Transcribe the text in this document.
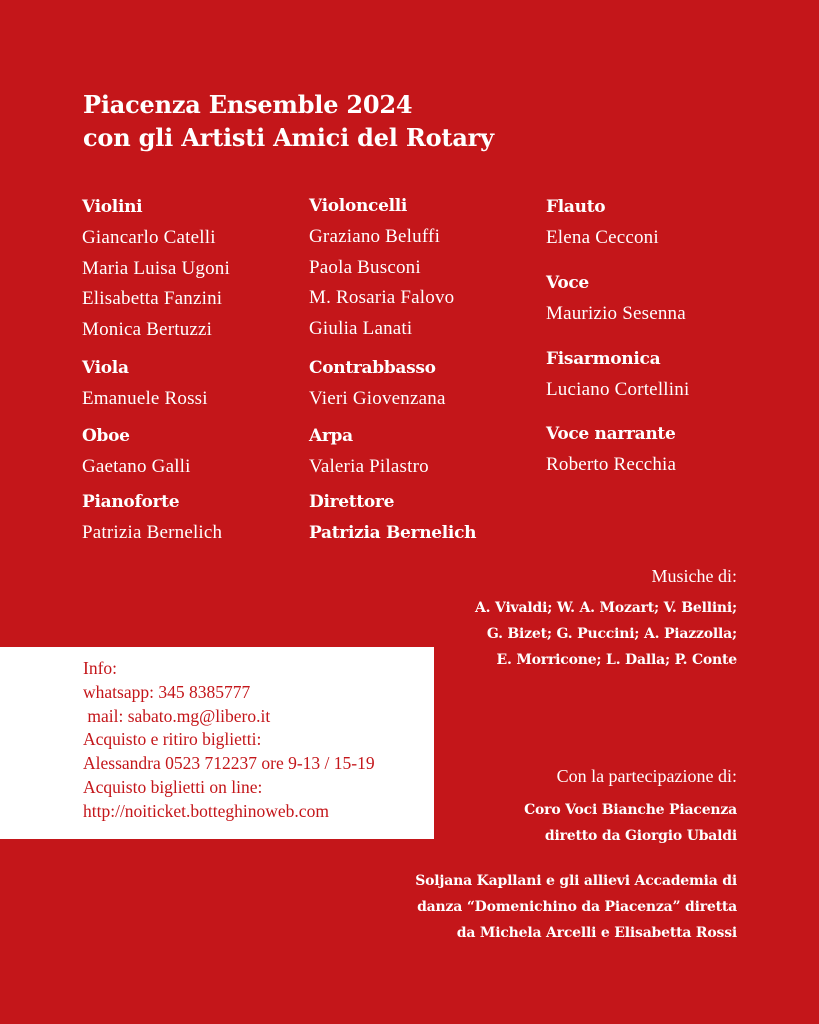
Piacenza Ensemble 2024
con gli Artisti Amici del Rotary
Violini
Giancarlo Catelli
Maria Luisa Ugoni
Elisabetta Fanzini
Monica Bertuzzi
Viola
Emanuele Rossi
Oboe
Gaetano Galli
Pianoforte
Patrizia Bernelich
Violoncelli
Graziano Beluffi
Paola Busconi
M. Rosaria Falovo
Giulia Lanati
Contrabbasso
Vieri Giovenzana
Arpa
Valeria Pilastro
Direttore
Patrizia Bernelich
Flauto
Elena Cecconi
Voce
Maurizio Sesenna
Fisarmonica
Luciano Cortellini
Voce narrante
Roberto Recchia
Musiche di:
A. Vivaldi; W. A. Mozart; V. Bellini;
G. Bizet; G. Puccini; A. Piazzolla;
E. Morricone; L. Dalla; P. Conte
Info:
whatsapp: 345 8385777
mail: sabato.mg@libero.it
Acquisto e ritiro biglietti:
Alessandra 0523 712237 ore 9-13 / 15-19
Acquisto biglietti on line:
http://noiticket.botteghinoweb.com
Con la partecipazione di:
Coro Voci Bianche Piacenza
diretto da Giorgio Ubaldi
Soljana Kapllani e gli allievi Accademia di
danza “Domenichino da Piacenza” diretta
da Michela Arcelli e Elisabetta Rossi
